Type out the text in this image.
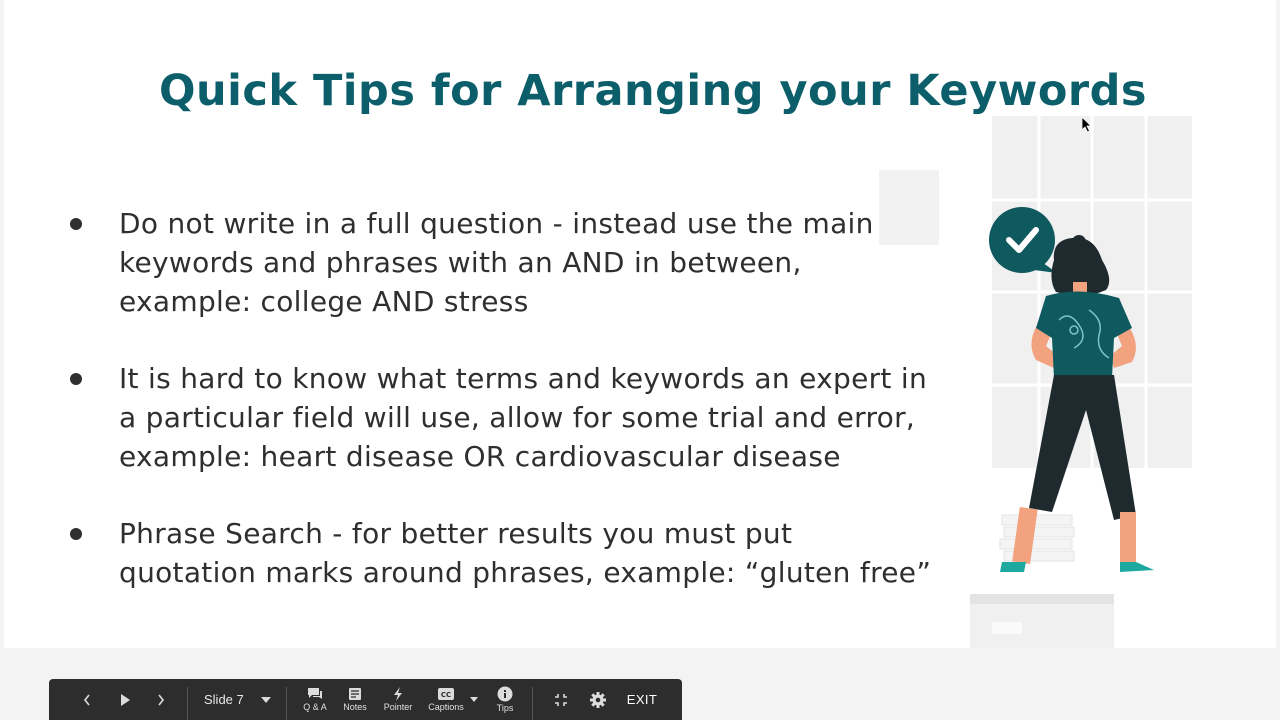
Quick Tips for Arranging your Keywords
Do not write in a full question - instead use the main
keywords and phrases with an AND in between,
example: college AND stress
It is hard to know what terms and keywords an expert in
a particular field will use, allow for some trial and error,
example: heart disease OR cardiovascular disease
Phrase Search - for better results you must put
quotation marks around phrases, example: “gluten free”
Slide 7	Q & A Notes Pointer
CC
Captions	Tips
EXIT
